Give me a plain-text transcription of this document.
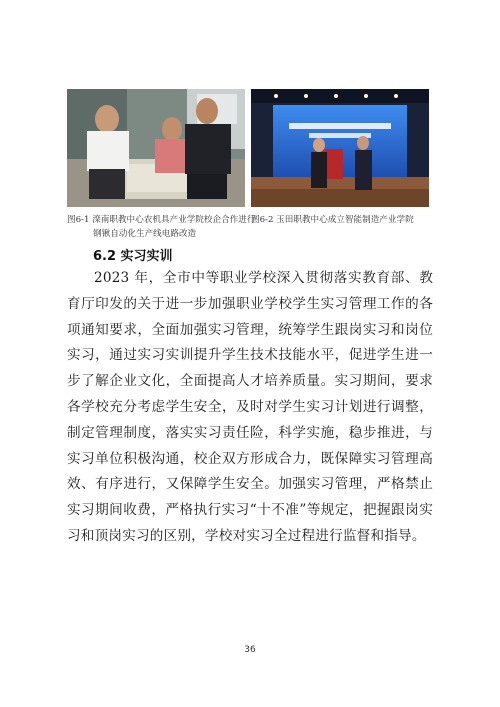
图6-1 滦南职教中心农机具产业学院校企合作进行
钢锹自动化生产线电路改造
图6-2 玉田职教中心成立智能制造产业学院
6.2 实习实训

2023 年，全市中等职业学校深入贯彻落实教育部、教育厅印发的关于进一步加强职业学校学生实习管理工作的各项通知要求，全面加强实习管理，统筹学生跟岗实习和岗位实习，通过实习实训提升学生技术技能水平，促进学生进一步了解企业文化，全面提高人才培养质量。实习期间，要求各学校充分考虑学生安全，及时对学生实习计划进行调整，制定管理制度，落实实习责任险，科学实施，稳步推进，与实习单位积极沟通，校企双方形成合力，既保障实习管理高效、有序进行，又保障学生安全。加强实习管理，严格禁止实习期间收费，严格执行实习“十不准”等规定，把握跟岗实习和顶岗实习的区别，学校对实习全过程进行监督和指导。

36
